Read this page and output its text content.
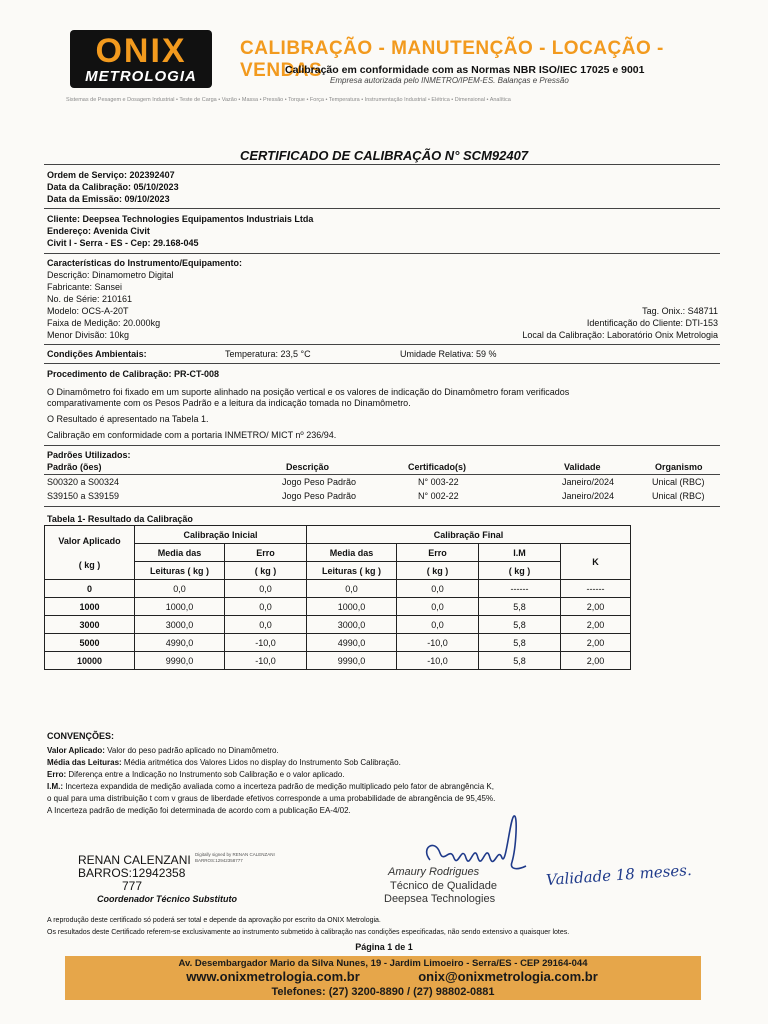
ONIX
METROLOGIA
CALIBRAÇÃO - MANUTENÇÃO - LOCAÇÃO - VENDAS
Calibração em conformidade com as Normas NBR ISO/IEC 17025 e 9001
Empresa autorizada pelo INMETRO/IPEM-ES. Balanças e Pressão
Sistemas de Pesagem e Dosagem Industrial • Teste de Carga • Vazão • Massa • Pressão • Torque • Força • Temperatura • Instrumentação Industrial • Elétrica • Dimensional • Analítica
CERTIFICADO DE CALIBRAÇÃO N° SCM92407
Ordem de Serviço: 202392407
Data da Calibração: 05/10/2023
Data da Emissão: 09/10/2023
Cliente: Deepsea Technologies Equipamentos Industriais Ltda
Endereço: Avenida Civit
Civit I - Serra - ES - Cep: 29.168-045
Características do Instrumento/Equipamento:
Descrição: Dinamometro Digital
Fabricante: Sansei
No. de Série: 210161
Modelo: OCS-A-20T
Faixa de Medição: 20.000kg
Menor Divisão: 10kg
Tag. Onix.: S48711
Identificação do Cliente: DTI-153
Local da Calibração: Laboratório Onix Metrologia
Condições Ambientais:	Temperatura: 23,5 °C	Umidade Relativa: 59 %
Procedimento de Calibração: PR-CT-008
O Dinamômetro foi fixado em um suporte alinhado na posição vertical e os valores de indicação do Dinamômetro foram verificados
comparativamente com os Pesos Padrão e a leitura da indicação tomada no Dinamômetro.
O Resultado é apresentado na Tabela 1.
Calibração em conformidade com a portaria INMETRO/ MICT nº 236/94.
Padrões Utilizados:
Padrão (ões)	Descrição	Certificado(s)	Validade	Organismo
S00320 a S00324	Jogo Peso Padrão	N° 003-22	Janeiro/2024	Unical (RBC)
S39150 a S39159	Jogo Peso Padrão	N° 002-22	Janeiro/2024	Unical (RBC)
Tabela 1- Resultado da Calibração
Valor Aplicado
( kg )	Calibração Inicial		Calibração Final			
	Media das	Erro	Media das	Erro	I.M	K
	Leituras ( kg )	( kg )	Leituras ( kg )	( kg )	( kg )	
0	0,0	0,0	0,0	0,0	------	------
1000	1000,0	0,0	1000,0	0,0	5,8	2,00
3000	3000,0	0,0	3000,0	0,0	5,8	2,00
5000	4990,0	-10,0	4990,0	-10,0	5,8	2,00
10000	9990,0	-10,0	9990,0	-10,0	5,8	2,00
CONVENÇÕES:
Valor Aplicado: Valor do peso padrão aplicado no Dinamômetro.
Média das Leituras: Média aritmética dos Valores Lidos no display do Instrumento Sob Calibração.
Erro: Diferença entre a Indicação no Instrumento sob Calibração e o valor aplicado.
I.M.: Incerteza expandida de medição avaliada como a incerteza padrão de medição multiplicado pelo fator de abrangência K,
o qual para uma distribuição t com v graus de liberdade efetivos corresponde a uma probabilidade de abrangência de 95,45%.
A Incerteza padrão de medição foi determinada de acordo com a publicação EA-4/02.
RENAN CALENZANI
BARROS:12942358
777
Digitally signed by RENAN CALENZANI BARROS:12942358777
Coordenador Técnico Substituto
Amaury Rodrigues
Técnico de Qualidade
Deepsea Technologies
Validade 18 meses.
A reprodução deste certificado só poderá ser total e depende da aprovação por escrito da ONIX Metrologia.
Os resultados deste Certificado referem-se exclusivamente ao instrumento submetido à calibração nas condições especificadas, não sendo extensivo a quaisquer lotes.
Página 1 de 1
Av. Desembargador Mario da Silva Nunes, 19 - Jardim Limoeiro - Serra/ES - CEP 29164-044
www.onixmetrologia.com.br	onix@onixmetrologia.com.br
Telefones: (27) 3200-8890 / (27) 98802-0881
